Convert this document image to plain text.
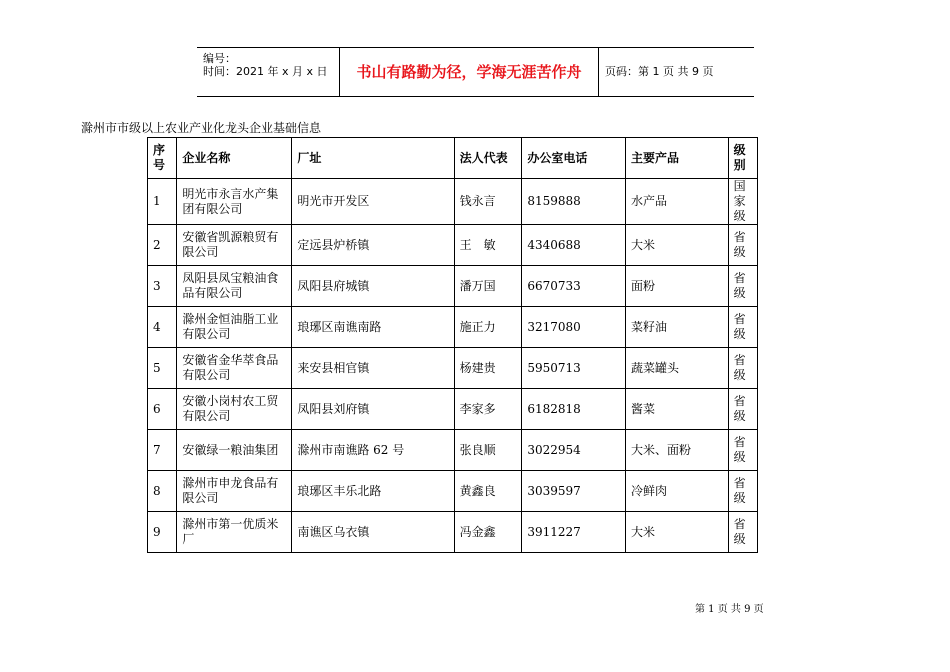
编号：
时间：2021 年 x 月 x 日	书山有路勤为径，学海无涯苦作舟	页码：第 1 页 共 9 页
滁州市市级以上农业产业化龙头企业基础信息
序号	企业名称	厂址	法人代表	办公室电话	主要产品	级别
1	明光市永言水产集团有限公司	明光市开发区	钱永言	8159888	水产品	国家级
2	安徽省凯源粮贸有限公司	定远县炉桥镇	王　敏	4340688	大米	省级
3	凤阳县凤宝粮油食品有限公司	凤阳县府城镇	潘万国	6670733	面粉	省级
4	滁州金恒油脂工业有限公司	琅琊区南谯南路	施正力	3217080	菜籽油	省级
5	安徽省金华萃食品有限公司	来安县相官镇	杨建贵	5950713	蔬菜罐头	省级
6	安徽小岗村农工贸有限公司	凤阳县刘府镇	李家多	6182818	酱菜	省级
7	安徽绿一粮油集团	滁州市南谯路 62 号	张良顺	3022954	大米、面粉	省级
8	滁州市申龙食品有限公司	琅琊区丰乐北路	黄鑫良	3039597	冷鲜肉	省级
9	滁州市第一优质米厂	南谯区乌衣镇	冯金鑫	3911227	大米	省级
第 1 页 共 9 页
